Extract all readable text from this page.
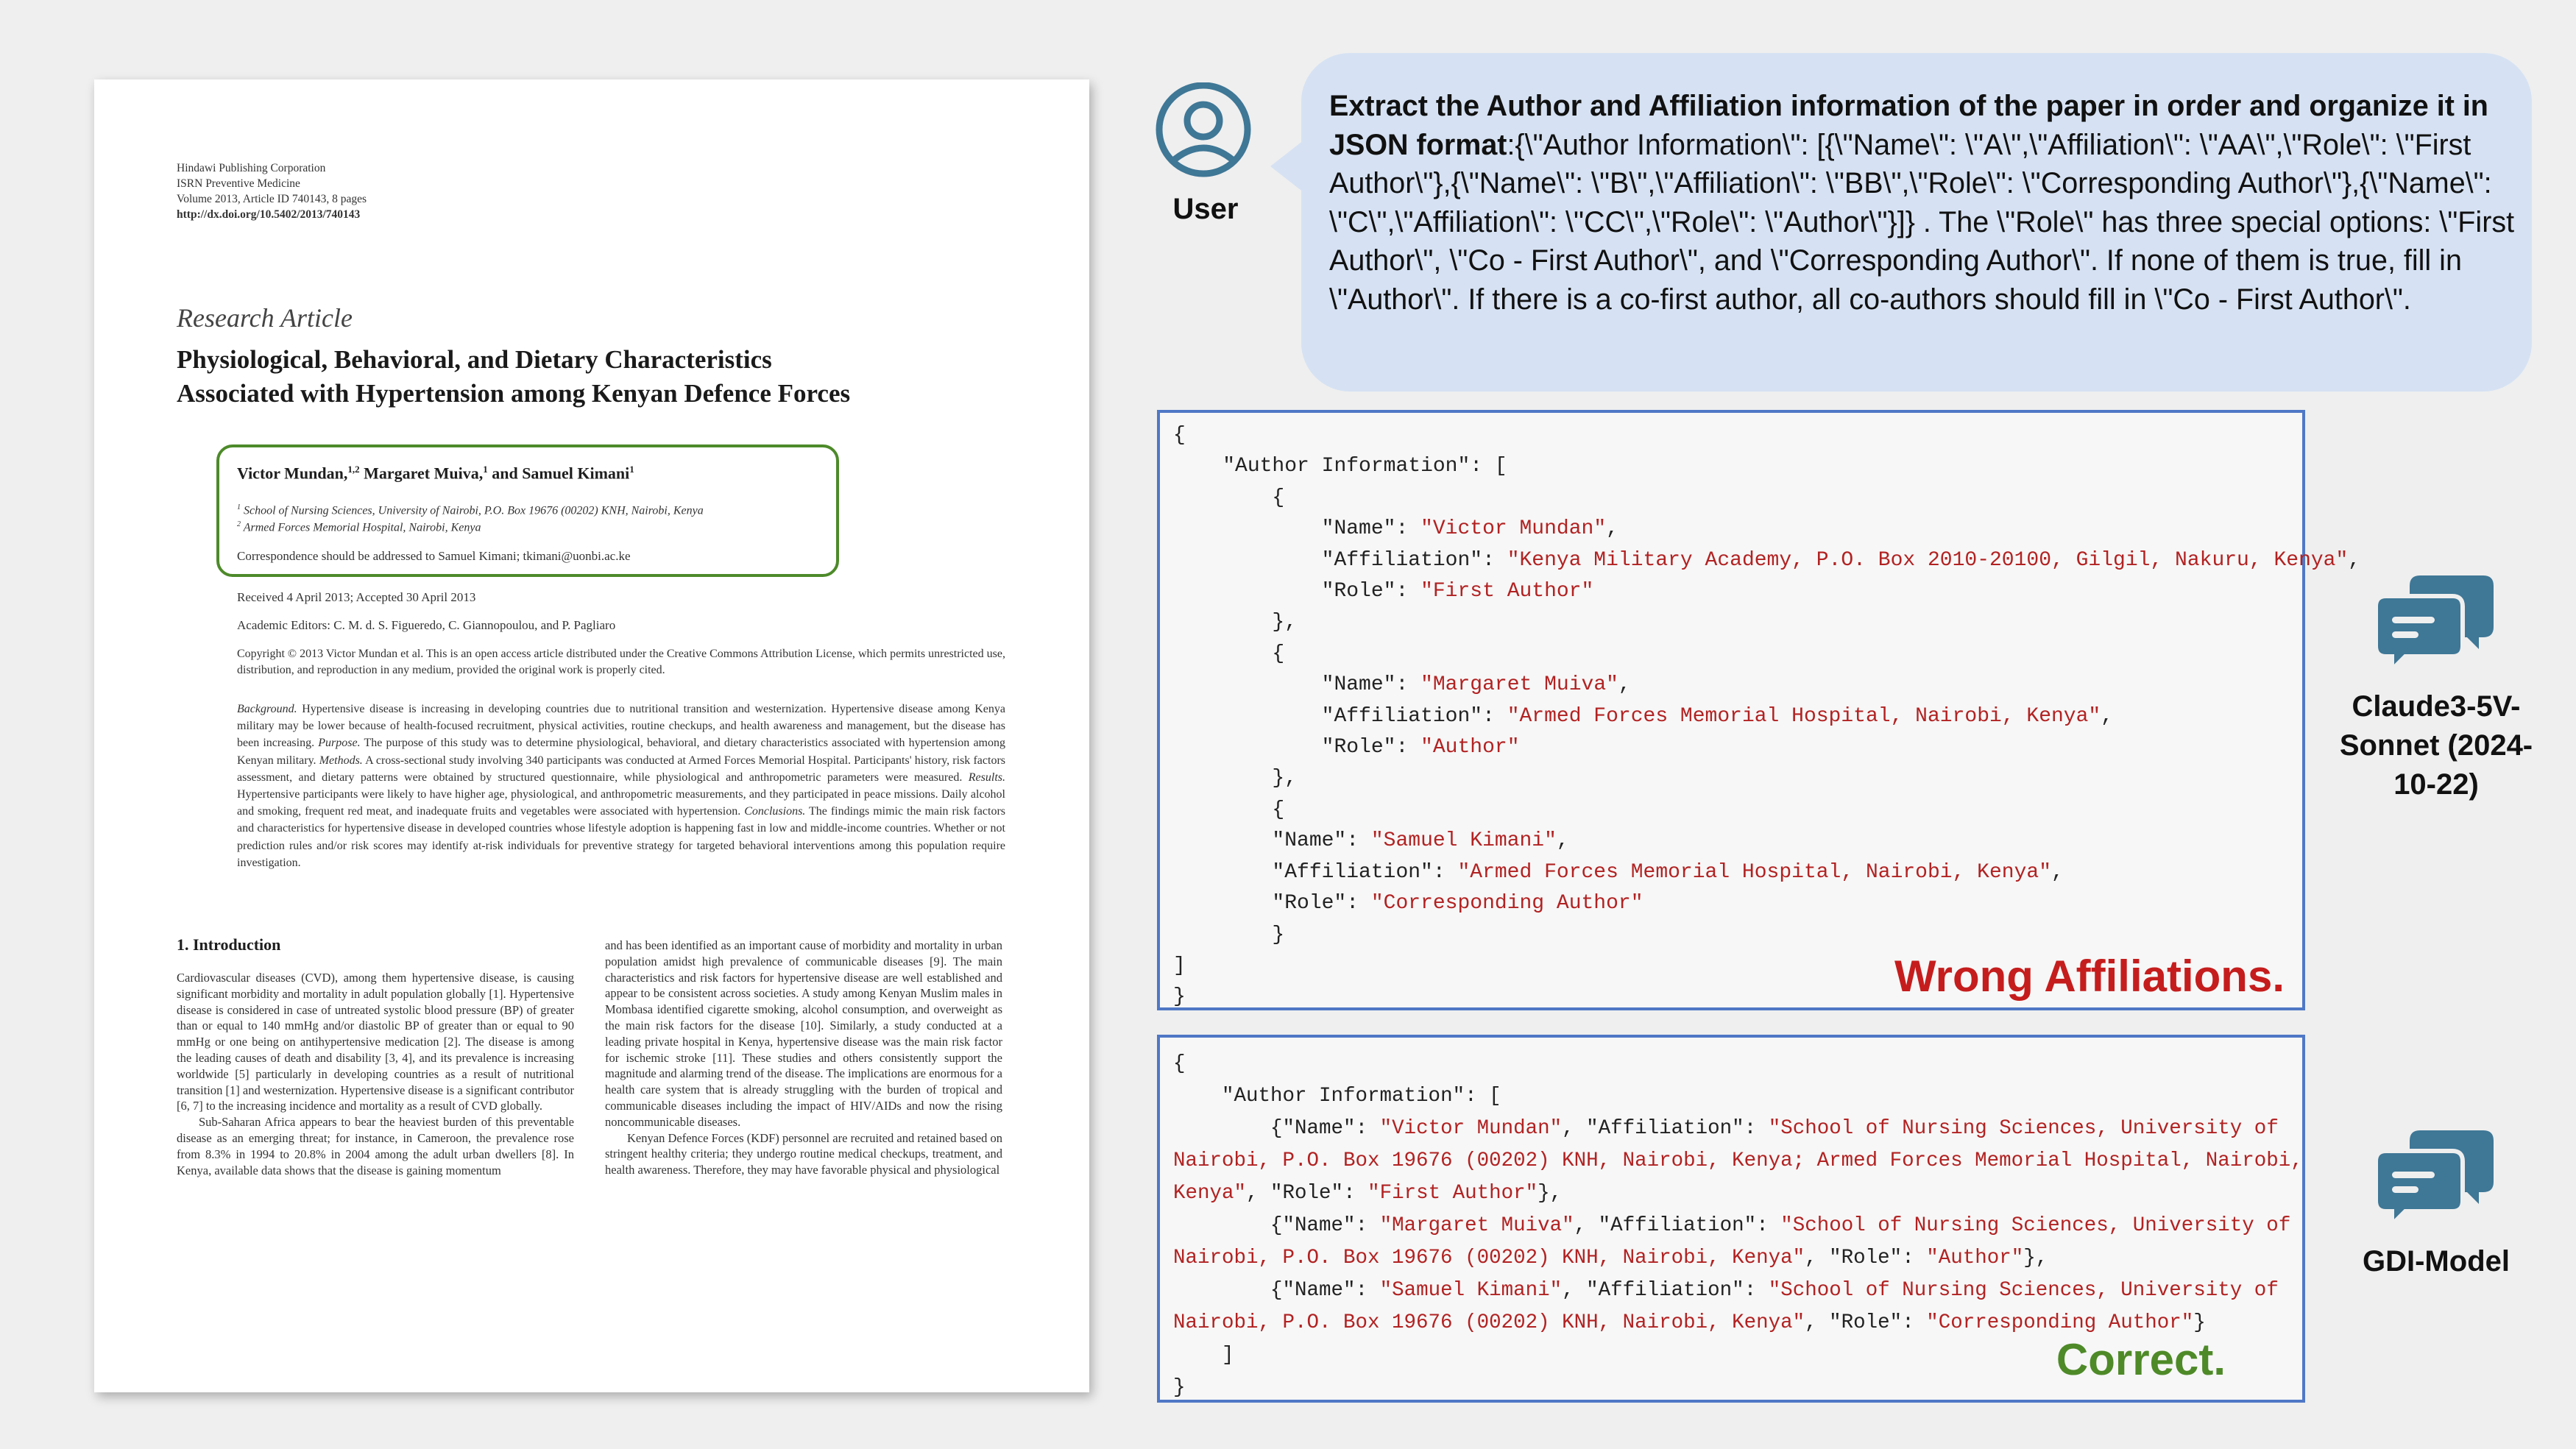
Hindawi Publishing Corporation
ISRN Preventive Medicine
Volume 2013, Article ID 740143, 8 pages
http://dx.doi.org/10.5402/2013/740143
Research Article
Physiological, Behavioral, and Dietary Characteristics
Associated with Hypertension among Kenyan Defence Forces
Victor Mundan,$^{1,2}$ Margaret Muiva,$^1$ and Samuel Kimani$^1$
$^1$ School of Nursing Sciences, University of Nairobi, P.O. Box 19676 (00202) KNH, Nairobi, Kenya
$^2$ Armed Forces Memorial Hospital, Nairobi, Kenya
Correspondence should be addressed to Samuel Kimani; tkimani@uonbi.ac.ke
Received 4 April 2013; Accepted 30 April 2013
Academic Editors: C. M. d. S. Figueredo, C. Giannopoulou, and P. Pagliaro
Copyright © 2013 Victor Mundan et al. This is an open access article distributed under the Creative Commons Attribution License, which permits unrestricted use, distribution, and reproduction in any medium, provided the original work is properly cited.
Background. Hypertensive disease is increasing in developing countries due to nutritional transition and westernization. Hypertensive disease among Kenya military may be lower because of health-focused recruitment, physical activities, routine checkups, and health awareness and management, but the disease has been increasing. Purpose. The purpose of this study was to determine physiological, behavioral, and dietary characteristics associated with hypertension among Kenyan military. Methods. A cross-sectional study involving 340 participants was conducted at Armed Forces Memorial Hospital. Participants' history, risk factors assessment, and dietary patterns were obtained by structured questionnaire, while physiological and anthropometric parameters were measured. Results. Hypertensive participants were likely to have higher age, physiological, and anthropometric measurements, and they participated in peace missions. Daily alcohol and smoking, frequent red meat, and inadequate fruits and vegetables were associated with hypertension. Conclusions. The findings mimic the main risk factors and characteristics for hypertensive disease in developed countries whose lifestyle adoption is happening fast in low and middle-income countries. Whether or not prediction rules and/or risk scores may identify at-risk individuals for preventive strategy for targeted behavioral interventions among this population require investigation.
1. Introduction

Cardiovascular diseases (CVD), among them hypertensive disease, is causing significant morbidity and mortality in adult population globally [1]. Hypertensive disease is considered in case of untreated systolic blood pressure (BP) of greater than or equal to 140 mmHg and/or diastolic BP of greater than or equal to 90 mmHg or one being on antihypertensive medication [2]. The disease is among the leading causes of death and disability [3, 4], and its prevalence is increasing worldwide [5] particularly in developing countries as a result of nutritional transition [1] and westernization. Hypertensive disease is a significant contributor [6, 7] to the increasing incidence and mortality as a result of CVD globally.

Sub-Saharan Africa appears to bear the heaviest burden of this preventable disease as an emerging threat; for instance, in Cameroon, the prevalence rose from 8.3% in 1994 to 20.8% in 2004 among the adult urban dwellers [8]. In Kenya, available data shows that the disease is gaining momentum

and has been identified as an important cause of morbidity and mortality in urban population amidst high prevalence of communicable diseases [9]. The main characteristics and risk factors for hypertensive disease are well established and appear to be consistent across societies. A study among Kenyan Muslim males in Mombasa identified cigarette smoking, alcohol consumption, and overweight as the main risk factors for the disease [10]. Similarly, a study conducted at a leading private hospital in Kenya, hypertensive disease was the main risk factor for ischemic stroke [11]. These studies and others consistently support the magnitude and alarming trend of the disease. The implications are enormous for a health care system that is already struggling with the burden of tropical and communicable diseases including the impact of HIV/AIDs and now the rising noncommunicable diseases.

Kenyan Defence Forces (KDF) personnel are recruited and retained based on stringent healthy criteria; they undergo routine medical checkups, treatment, and health awareness. Therefore, they may have favorable physical and physiological

User
Extract the Author and Affiliation information of the paper in order and organize it in JSON format:{\"Author Information\": [{\"Name\": \"A\",\"Affiliation\": \"AA\",\"Role\": \"First Author\"},{\"Name\": \"B\",\"Affiliation\": \"BB\",\"Role\": \"Corresponding Author\"},{\"Name\": \"C\",\"Affiliation\": \"CC\",\"Role\": \"Author\"}]} . The \"Role\" has three special options: \"First Author\", \"Co - First Author\", and \"Corresponding Author\". If none of them is true, fill in \"Author\". If there is a co-first author, all co-authors should fill in \"Co - First Author\".
{
"Author Information": [
{
"Name": "Victor Mundan",
"Affiliation": "Kenya Military Academy, P.O. Box 2010-20100, Gilgil, Nakuru, Kenya",
"Role": "First Author"
},
{
"Name": "Margaret Muiva",
"Affiliation": "Armed Forces Memorial Hospital, Nairobi, Kenya",
"Role": "Author"
},
{
"Name": "Samuel Kimani",
"Affiliation": "Armed Forces Memorial Hospital, Nairobi, Kenya",
"Role": "Corresponding Author"
}
]
}	Wrong Affiliations.
Claude3-5V-Sonnet (2024-10-22)
{
"Author Information": [
{"Name": "Victor Mundan", "Affiliation": "School of Nursing Sciences, University of
Nairobi, P.O. Box 19676 (00202) KNH, Nairobi, Kenya; Armed Forces Memorial Hospital, Nairobi,
Kenya", "Role": "First Author"},
{"Name": "Margaret Muiva", "Affiliation": "School of Nursing Sciences, University of
Nairobi, P.O. Box 19676 (00202) KNH, Nairobi, Kenya", "Role": "Author"},
{"Name": "Samuel Kimani", "Affiliation": "School of Nursing Sciences, University of
Nairobi, P.O. Box 19676 (00202) KNH, Nairobi, Kenya", "Role": "Corresponding Author"}
]
}
Correct.
GDI-Model
